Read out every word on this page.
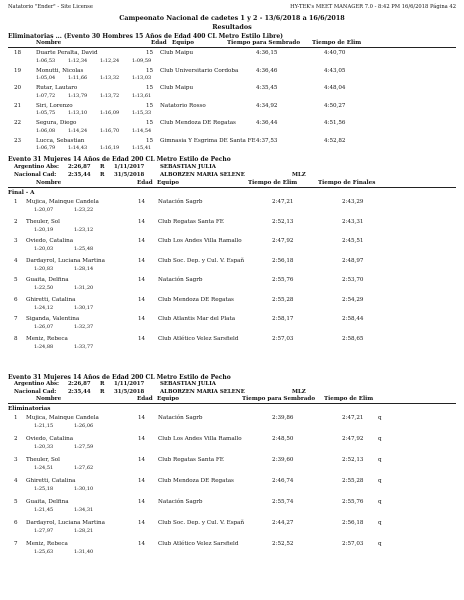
Natatorio "Ender" - Site License	HY-TEK's MEET MANAGER 7.0 - 8:42 PM 16/6/2018 Página 42
Campeonato Nacional de cadetes 1 y 2 - 13/6/2018 a 16/6/2018
Resultados
Eliminatorias ... (Evento 30 Hombres 15 Años de Edad 400 CL Metro Estilo Libre)
Nombre	Edad Equipo	Tiempo para Sembrado Tiempo de Elim
18	Duarte Peralta, David	15 Club Maipu	4:36,15	4:40,70
1:06,53	1:12,34	1:12,24	1:09,59
19	Monutti, Nicolas	15 Club Universitario Cordoba	4:36,46	4:43,05
1:05,04	1:11,66	1:13,32	1:13,03
20	Rutar, Lautaro	15 Club Maipu	4:35,45	4:48,04
1:07,72	1:13,79	1:13,72	1:13,61
21	Siri, Lorenzo	15 Natatorio Rosso	4:34,92	4:50,27
1:05,75	1:13,10	1:16,09	1:15,33
22	Segura, Diego	15 Club Mendoza DE Regatas	4:36,44	4:51,56
1:06,08	1:14,24	1:16,70	1:14,54
23	Lucca, Sebastian	15 Gimnasia Y Esgrima DE Santa FE 4:37,53	4:52,82
1:06,79	1:14,43	1:16,19	1:15,41
Evento 31 Mujeres 14 Años de Edad 200 CL Metro Estilo de Pecho
Argentino Abs: 2:26,87 R 1/11/2017	SEBASTIAN JULIA
Nacional Cad: 2:35,44 R 31/5/2018	ALBORZEN MARIA SELENE	MLZ
Nombre	Edad Equipo	Tiempo de Elim	Tiempo de Finales
Final - A
1 Mujica, Mainque Candela	14 Natación Sagrb	2:47,21	2:43,29
1:20,07	1:23,22
2 Theuler, Sol	14 Club Regatas Santa FE	2:52,13	2:43,31
1:20,19	1:23,12
3 Oviedo, Catalina	14 Club Los Andes Villa Ramallo	2:47,92	2:45,51
1:20,03	1:25,48
4 Dardayrol, Luciana Martina	14 Club Soc. Dep. y Cul. V. Españ	2:56,18	2:48,97
1:20,83	1:28,14
5 Guaita, Delfina	14 Natación Sagrb	2:55,76	2:53,70
1:22,50	1:31,20
6 Ghiretti, Catalina	14 Club Mendoza DE Regatas	2:55,28	2:54,29
1:24,12	1:30,17
7 Siganda, Valentina	14 Club Atlantis Mar del Plata	2:58,17	2:58,44
1:26,07	1:32,37
8 Meniz, Rebeca	14 Club Atlético Velez Sarsfield	2:57,03	2:58,65
1:24,88	1:33,77
Evento 31 Mujeres 14 Años de Edad 200 CL Metro Estilo de Pecho
Argentino Abs: 2:26,87 R 1/11/2017	SEBASTIAN JULIA
Nacional Cad: 2:35,44 R 31/5/2018	ALBORZEN MARIA SELENE	MLZ
Nombre	Edad Equipo	Tiempo para Sembrado Tiempo de Elim
Eliminatorias
1 Mujica, Mainque Candela	14 Natación Sagrb	2:39,86	2:47,21	q
1:21,15	1:26,06
2 Oviedo, Catalina	14 Club Los Andes Villa Ramallo	2:48,50	2:47,92	q
1:20,33	1:27,59
3 Theuler, Sol	14 Club Regatas Santa FE	2:39,60	2:52,13	q
1:24,51	1:27,62
4 Ghiretti, Catalina	14 Club Mendoza DE Regatas	2:46,74	2:55,28	q
1:25,18	1:30,10
5 Guaita, Delfina	14 Natación Sagrb	2:55,74	2:55,76	q
1:21,45	1:34,31
6 Dardayrol, Luciana Martina	14 Club Soc. Dep. y Cul. V. Españ	2:44,27	2:56,18	q
1:27,97	1:28,21
7 Meniz, Rebeca	14 Club Atlético Velez Sarsfield	2:52,52	2:57,03	q
1:25,63	1:31,40
